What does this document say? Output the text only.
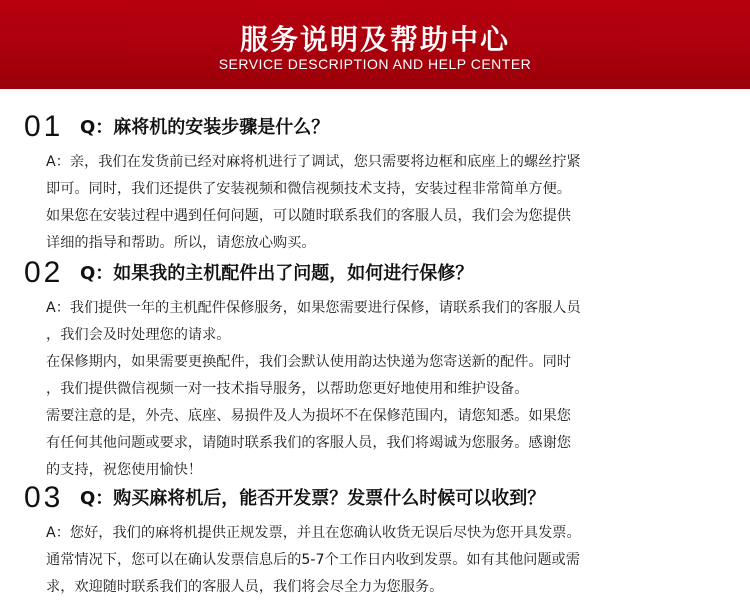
服务说明及帮助中心
SERVICE DESCRIPTION AND HELP CENTER
01 Q：麻将机的安装步骤是什么？

A：亲，我们在发货前已经对麻将机进行了调试，您只需要将边框和底座上的螺丝拧紧

即可。同时，我们还提供了安装视频和微信视频技术支持，安装过程非常简单方便。

如果您在安装过程中遇到任何问题，可以随时联系我们的客服人员，我们会为您提供

详细的指导和帮助。所以，请您放心购买。

02 Q：如果我的主机配件出了问题，如何进行保修？

A：我们提供一年的主机配件保修服务，如果您需要进行保修，请联系我们的客服人员

，我们会及时处理您的请求。

在保修期内，如果需要更换配件，我们会默认使用韵达快递为您寄送新的配件。同时

，我们提供微信视频一对一技术指导服务，以帮助您更好地使用和维护设备。

需要注意的是，外壳、底座、易损件及人为损坏不在保修范围内，请您知悉。如果您

有任何其他问题或要求，请随时联系我们的客服人员，我们将竭诚为您服务。感谢您

的支持，祝您使用愉快！

03 Q：购买麻将机后，能否开发票？发票什么时候可以收到？

A：您好，我们的麻将机提供正规发票，并且在您确认收货无误后尽快为您开具发票。

通常情况下，您可以在确认发票信息后的5-7个工作日内收到发票。如有其他问题或需

求，欢迎随时联系我们的客服人员，我们将会尽全力为您服务。
